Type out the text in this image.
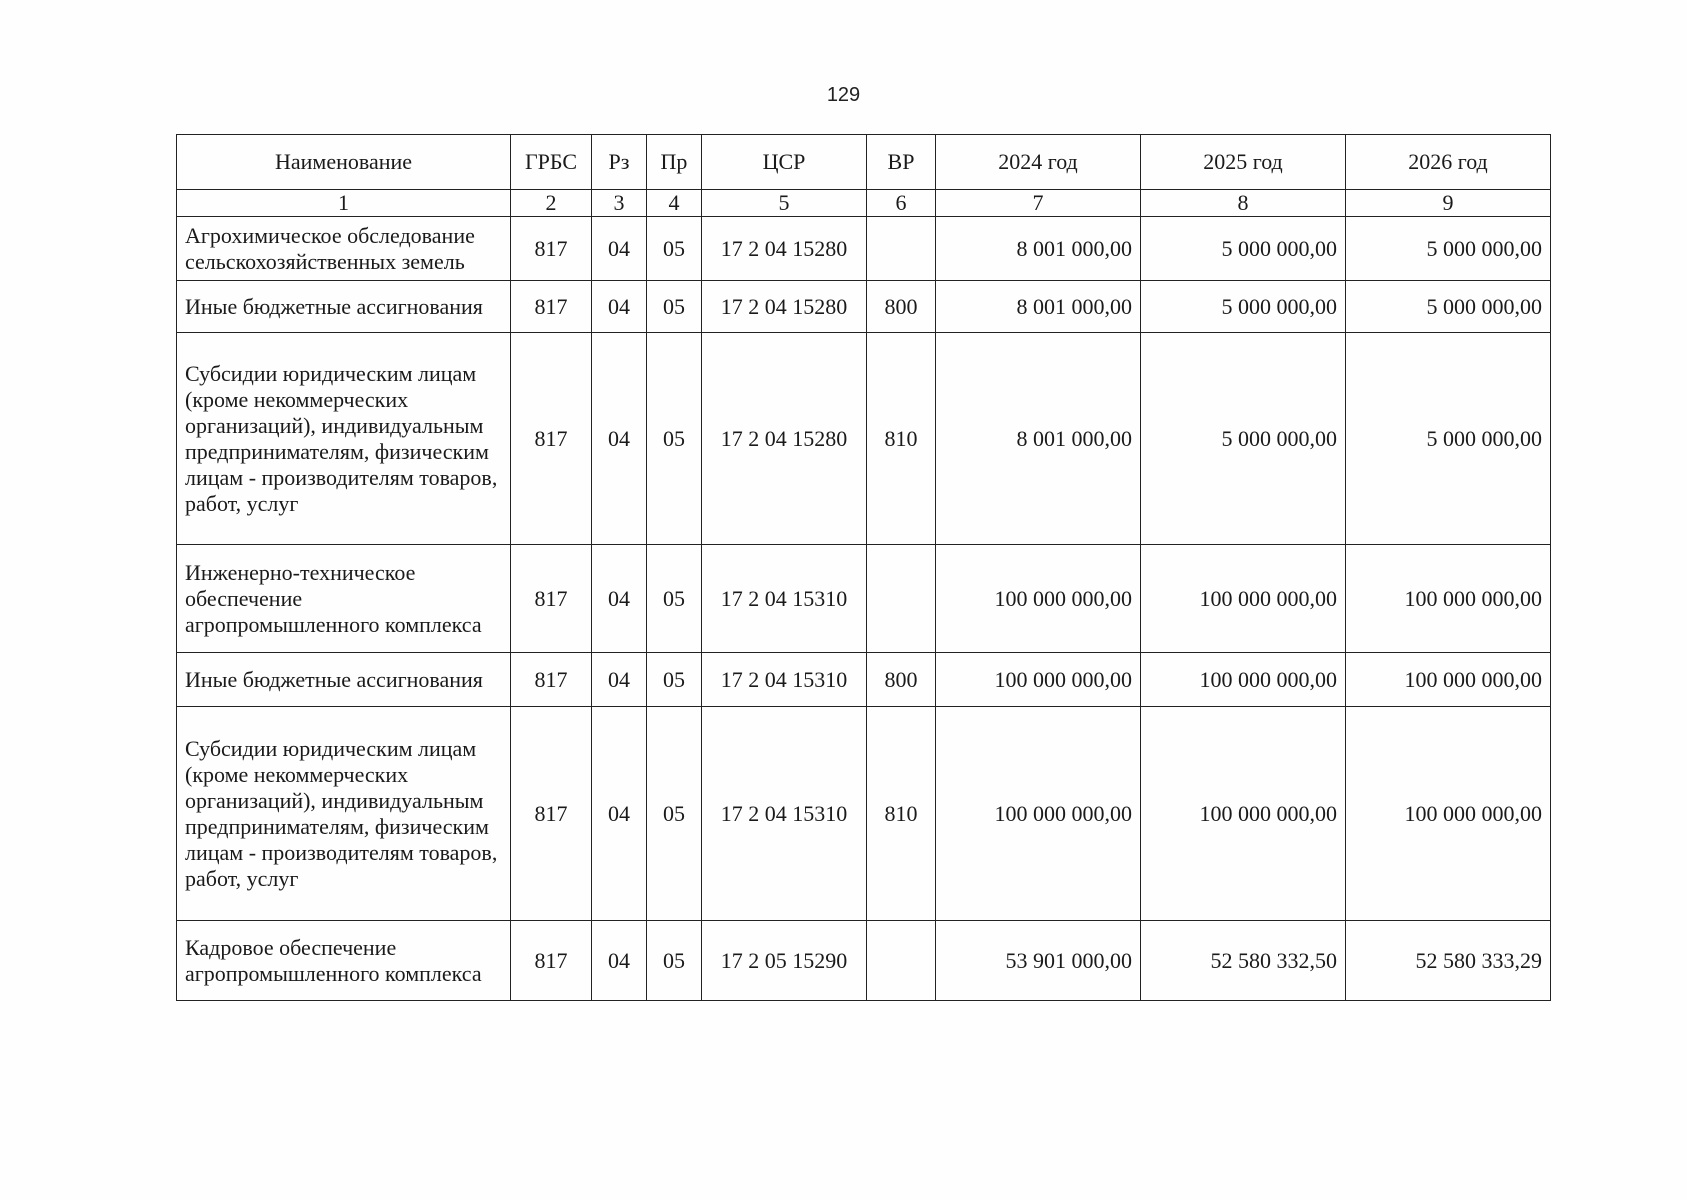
129
Наименование	ГРБС	Рз	Пр	ЦСР	ВР	2024 год	2025 год	2026 год
1	2	3	4	5	6	7	8	9
Агрохимическое обследование сельскохозяйственных земель	817	04	05	17 2 04 15280		8 001 000,00	5 000 000,00	5 000 000,00
Иные бюджетные ассигнования	817	04	05	17 2 04 15280	800	8 001 000,00	5 000 000,00	5 000 000,00
Субсидии юридическим лицам (кроме некоммерческих организаций), индивидуальным предпринимателям, физическим лицам - производителям товаров, работ, услуг	817	04	05	17 2 04 15280	810	8 001 000,00	5 000 000,00	5 000 000,00
Инженерно-техническое обеспечение агропромышленного комплекса	817	04	05	17 2 04 15310		100 000 000,00	100 000 000,00	100 000 000,00
Иные бюджетные ассигнования	817	04	05	17 2 04 15310	800	100 000 000,00	100 000 000,00	100 000 000,00
Субсидии юридическим лицам (кроме некоммерческих организаций), индивидуальным предпринимателям, физическим лицам - производителям товаров, работ, услуг	817	04	05	17 2 04 15310	810	100 000 000,00	100 000 000,00	100 000 000,00
Кадровое обеспечение агропромышленного комплекса	817	04	05	17 2 05 15290		53 901 000,00	52 580 332,50	52 580 333,29
